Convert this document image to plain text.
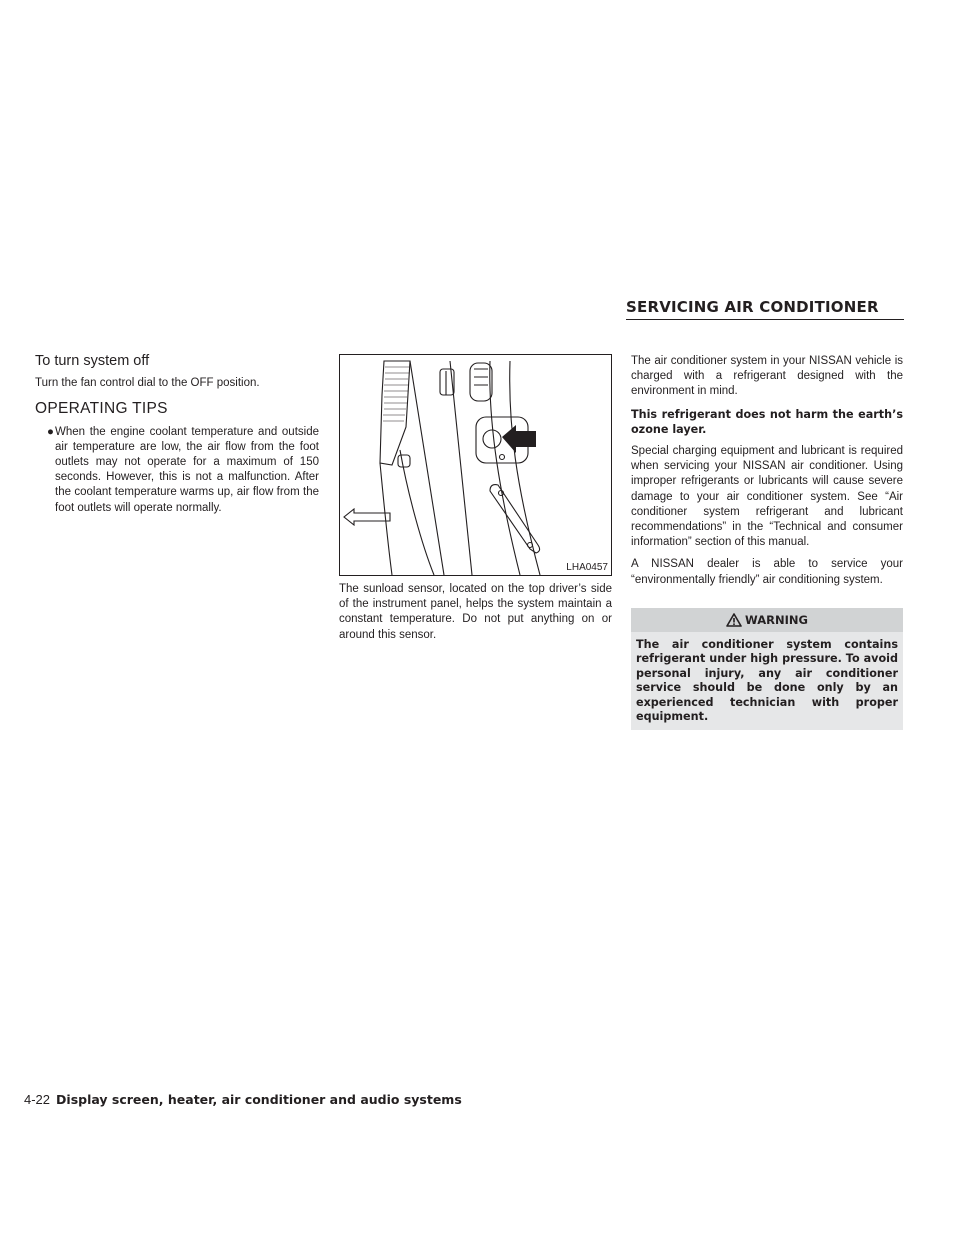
SERVICING AIR CONDITIONER
To turn system off

Turn the fan control dial to the OFF position.

OPERATING TIPS
● When the engine coolant temperature and outside air temperature are low, the air flow from the foot outlets may not operate for a maximum of 150 seconds. However, this is not a malfunction. After the coolant temperature warms up, air flow from the foot outlets will operate normally.
LHA0457

The sunload sensor, located on the top driver’s side of the instrument panel, helps the system maintain a constant temperature. Do not put anything on or around this sensor.

The air conditioner system in your NISSAN vehicle is charged with a refrigerant designed with the environment in mind.

This refrigerant does not harm the earth’s ozone layer.

Special charging equipment and lubricant is required when servicing your NISSAN air conditioner. Using improper refrigerants or lubricants will cause severe damage to your air conditioner system. See “Air conditioner system refrigerant and lubricant recommendations” in the “Technical and consumer information” section of this manual.

A NISSAN dealer is able to service your “environmentally friendly” air conditioning system.

WARNING
The air conditioner system contains refrigerant under high pressure. To avoid personal injury, any air conditioner service should be done only by an experienced technician with proper equipment.
4-22 Display screen, heater, air conditioner and audio systems
